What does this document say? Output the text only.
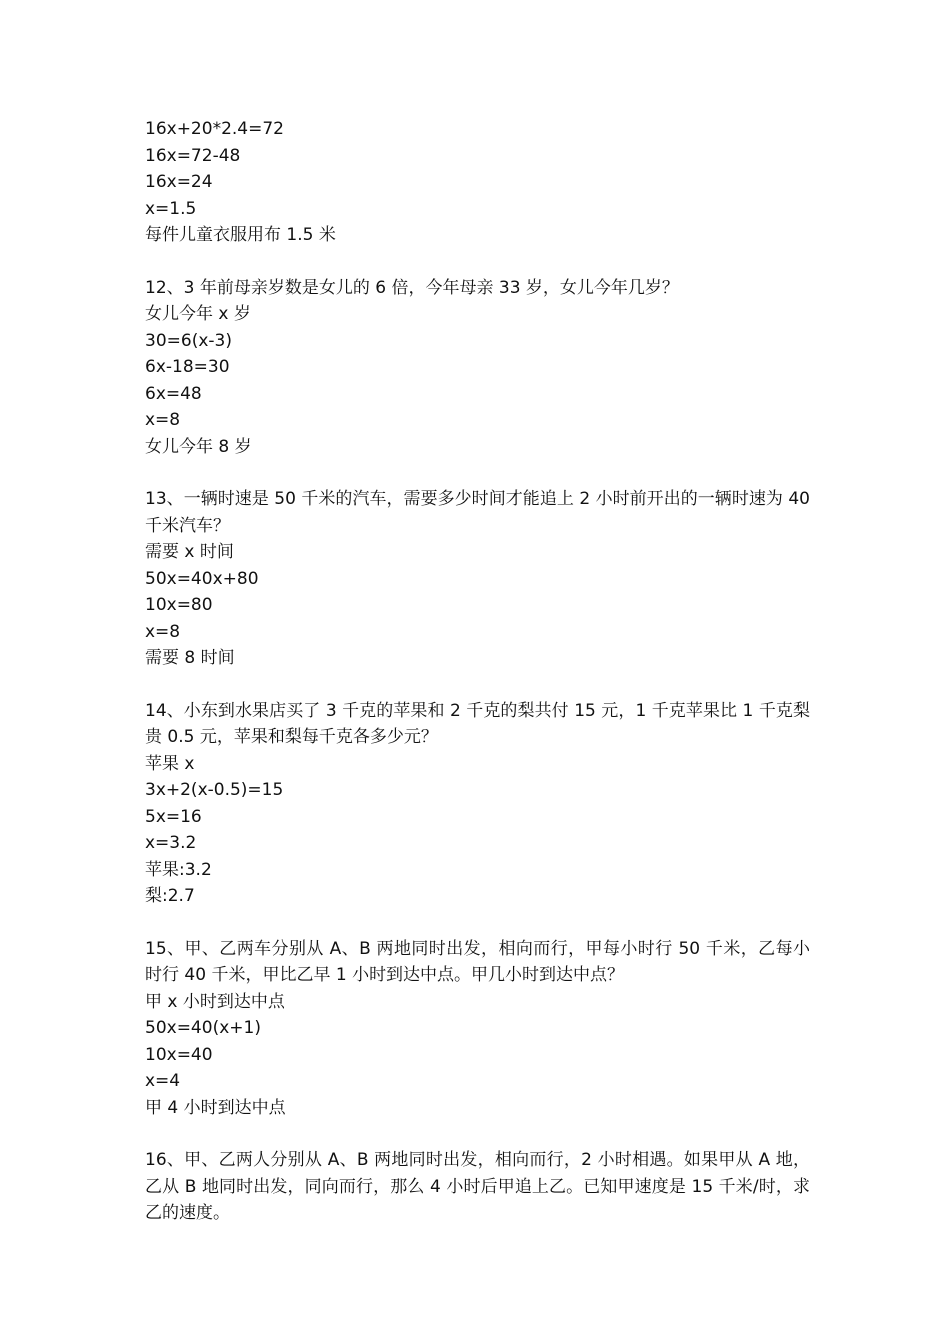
16x+20*2.4=72
16x=72-48
16x=24
x=1.5
每件儿童衣服用布 1.5 米
12、3 年前母亲岁数是女儿的 6 倍，今年母亲 33 岁，女儿今年几岁？
女儿今年 x 岁
30=6(x-3)
6x-18=30
6x=48
x=8
女儿今年 8 岁
13、一辆时速是 50 千米的汽车，需要多少时间才能追上 2 小时前开出的一辆时速为 40 千米汽车？
需要 x 时间
50x=40x+80
10x=80
x=8
需要 8 时间
14、小东到水果店买了 3 千克的苹果和 2 千克的梨共付 15 元，1 千克苹果比 1 千克梨贵 0.5 元，苹果和梨每千克各多少元？
苹果 x
3x+2(x-0.5)=15
5x=16
x=3.2
苹果:3.2
梨:2.7
15、甲、乙两车分别从 A、B 两地同时出发，相向而行，甲每小时行 50 千米，乙每小时行 40 千米，甲比乙早 1 小时到达中点。甲几小时到达中点？
甲 x 小时到达中点
50x=40(x+1)
10x=40
x=4
甲 4 小时到达中点
16、甲、乙两人分别从 A、B 两地同时出发，相向而行，2 小时相遇。如果甲从 A 地，乙从 B 地同时出发，同向而行，那么 4 小时后甲追上乙。已知甲速度是 15 千米/时，求乙的速度。
